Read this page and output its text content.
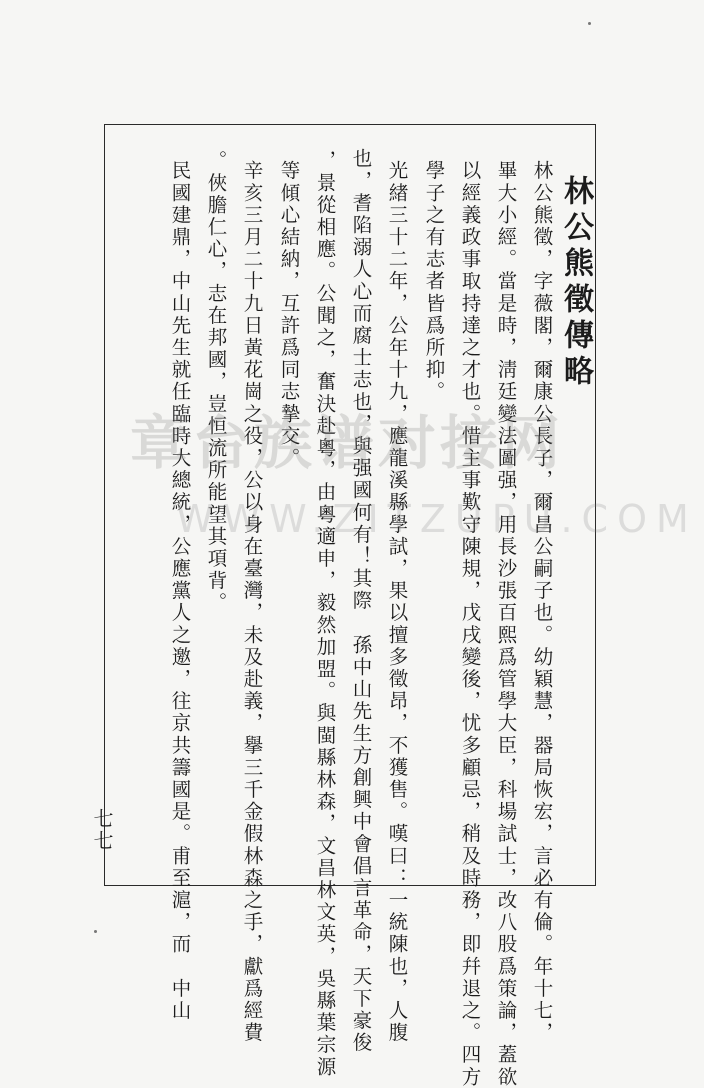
林公熊徵傳略
林公熊徵，字薇閣，爾康公長子，爾昌公嗣子也。幼穎慧，器局恢宏，言必有倫。年十七，
畢大小經。當是時，淸廷變法圖强，用長沙張百熙爲管學大臣，科場試士，改八股爲策論，蓋欲
以經義政事取持達之才也。惜主事歎守陳規，戊戌變後，忧多顧忌，稍及時務，即幷退之。四方
學子之有志者皆爲所抑。
光緖三十二年，公年十九，應龍溪縣學試，果以擅多徵昂，不獲售。嘆曰：一統陳也，人腹
也，耆陷溺人心而腐士志也，與强國何有！其際　孫中山先生方創興中會倡言革命，天下豪俊
，景從相應。公聞之，奮決赴粵，由粵適申，毅然加盟。與閩縣林森，文昌林文英，吳縣葉宗源
等傾心結納，互許爲同志摯交。
辛亥三月二十九日黃花崗之役，公以身在臺灣，未及赴義，擧三千金假林森之手，獻爲經費
。俠膽仁心，志在邦國，豈恒流所能望其項背。
民國建鼎，中山先生就任臨時大總統，公應黨人之邀，往京共籌國是。甫至滬，而　中山
七七
章台族谱对接网
WWW.ZITZUPU.COM
